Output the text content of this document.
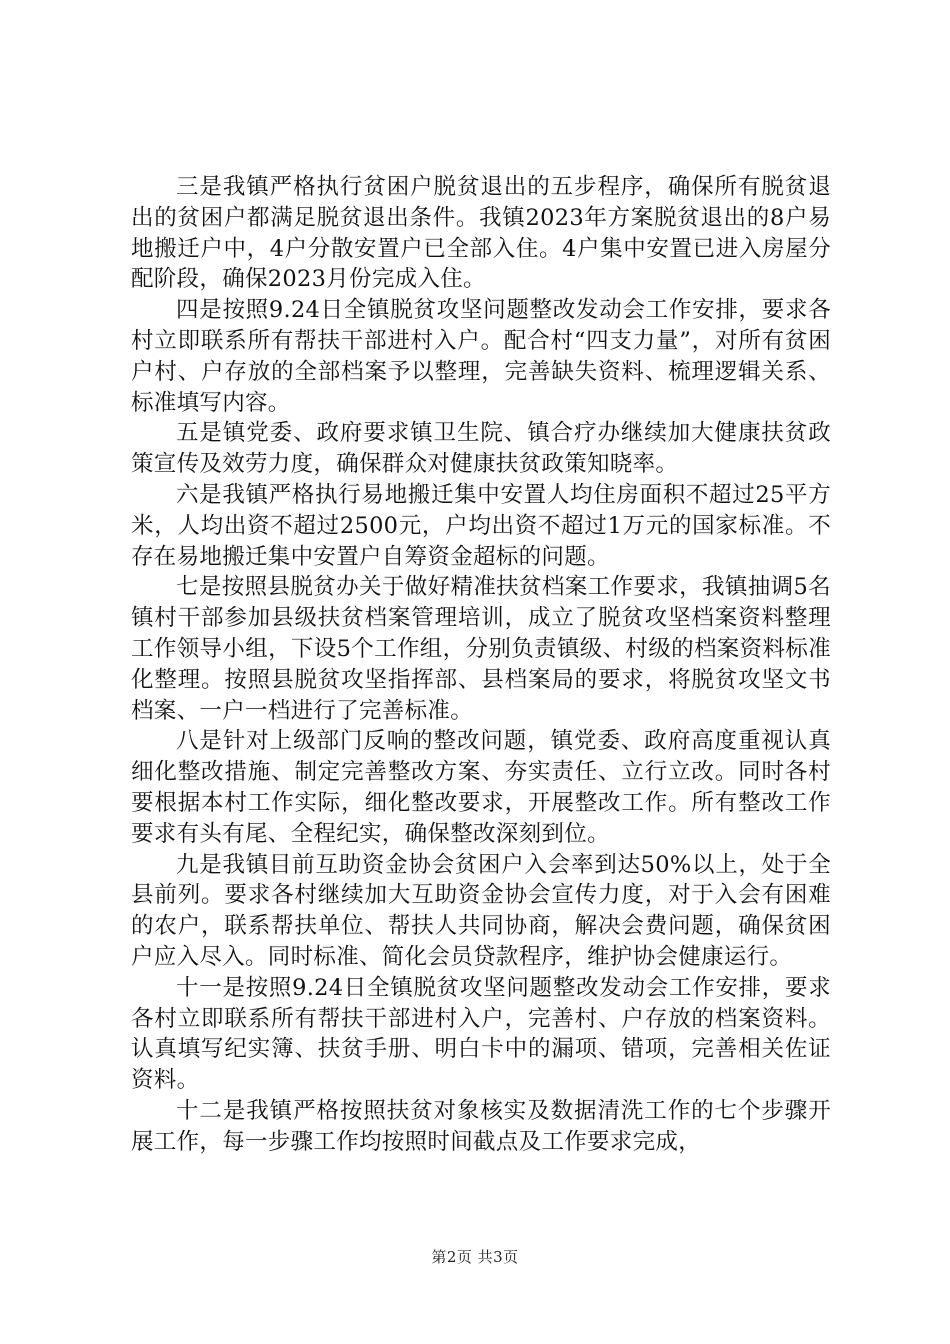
三是我镇严格执行贫困户脱贫退出的五步程序，确保所有脱贫退出的贫困户都满足脱贫退出条件。我镇2023年方案脱贫退出的8户易地搬迁户中，4户分散安置户已全部入住。4户集中安置已进入房屋分配阶段，确保2023月份完成入住。

四是按照9.24日全镇脱贫攻坚问题整改发动会工作安排，要求各村立即联系所有帮扶干部进村入户。配合村“四支力量”，对所有贫困户村、户存放的全部档案予以整理，完善缺失资料、梳理逻辑关系、标准填写内容。

五是镇党委、政府要求镇卫生院、镇合疗办继续加大健康扶贫政策宣传及效劳力度，确保群众对健康扶贫政策知晓率。

六是我镇严格执行易地搬迁集中安置人均住房面积不超过25平方米，人均出资不超过2500元，户均出资不超过1万元的国家标准。不存在易地搬迁集中安置户自筹资金超标的问题。

七是按照县脱贫办关于做好精准扶贫档案工作要求，我镇抽调5名镇村干部参加县级扶贫档案管理培训，成立了脱贫攻坚档案资料整理工作领导小组，下设5个工作组，分别负责镇级、村级的档案资料标准化整理。按照县脱贫攻坚指挥部、县档案局的要求，将脱贫攻坚文书档案、一户一档进行了完善标准。

八是针对上级部门反响的整改问题，镇党委、政府高度重视认真细化整改措施、制定完善整改方案、夯实责任、立行立改。同时各村要根据本村工作实际，细化整改要求，开展整改工作。所有整改工作要求有头有尾、全程纪实，确保整改深刻到位。

九是我镇目前互助资金协会贫困户入会率到达50%以上，处于全县前列。要求各村继续加大互助资金协会宣传力度，对于入会有困难的农户，联系帮扶单位、帮扶人共同协商，解决会费问题，确保贫困户应入尽入。同时标准、简化会员贷款程序，维护协会健康运行。

十一是按照9.24日全镇脱贫攻坚问题整改发动会工作安排，要求各村立即联系所有帮扶干部进村入户，完善村、户存放的档案资料。认真填写纪实簿、扶贫手册、明白卡中的漏项、错项，完善相关佐证资料。

十二是我镇严格按照扶贫对象核实及数据清洗工作的七个步骤开展工作，每一步骤工作均按照时间截点及工作要求完成，

第2页 共3页
